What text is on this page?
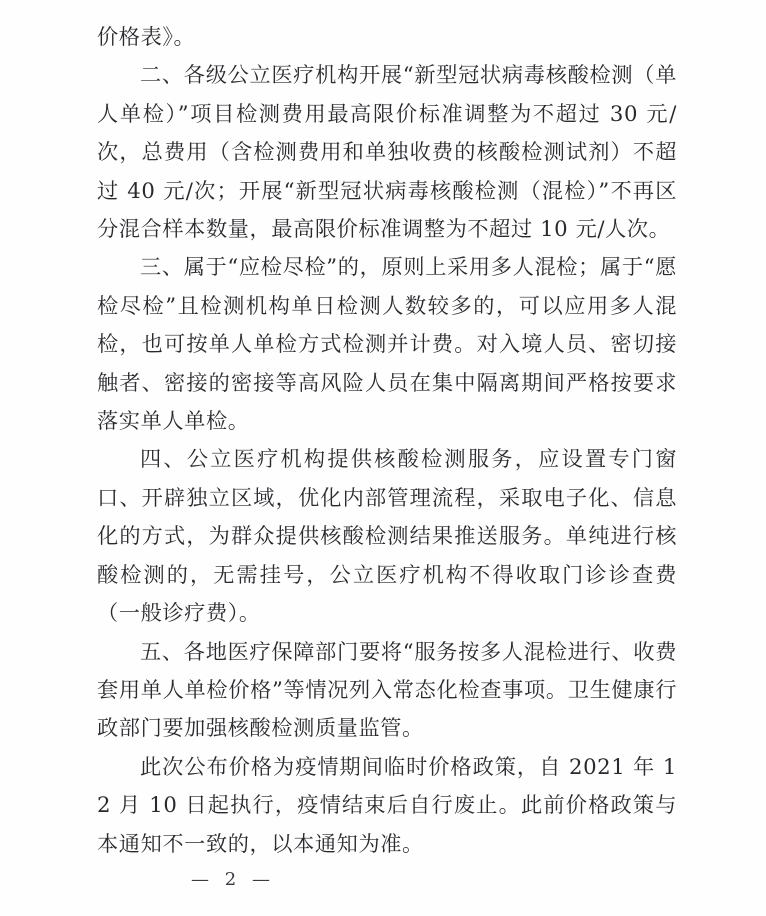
价格表》。

二、各级公立医疗机构开展“新型冠状病毒核酸检测（单人单检）”项目检测费用最高限价标准调整为不超过 30 元/次，总费用（含检测费用和单独收费的核酸检测试剂）不超过 40 元/次；开展“新型冠状病毒核酸检测（混检）”不再区分混合样本数量，最高限价标准调整为不超过 10 元/人次。

三、属于“应检尽检”的，原则上采用多人混检；属于“愿检尽检”且检测机构单日检测人数较多的，可以应用多人混检，也可按单人单检方式检测并计费。对入境人员、密切接触者、密接的密接等高风险人员在集中隔离期间严格按要求落实单人单检。

四、公立医疗机构提供核酸检测服务，应设置专门窗口、开辟独立区域，优化内部管理流程，采取电子化、信息化的方式，为群众提供核酸检测结果推送服务。单纯进行核酸检测的，无需挂号，公立医疗机构不得收取门诊诊查费（一般诊疗费）。

五、各地医疗保障部门要将“服务按多人混检进行、收费套用单人单检价格”等情况列入常态化检查事项。卫生健康行政部门要加强核酸检测质量监管。

此次公布价格为疫情期间临时价格政策，自 2021 年 12 月 10 日起执行，疫情结束后自行废止。此前价格政策与本通知不一致的，以本通知为准。

— 2 —
